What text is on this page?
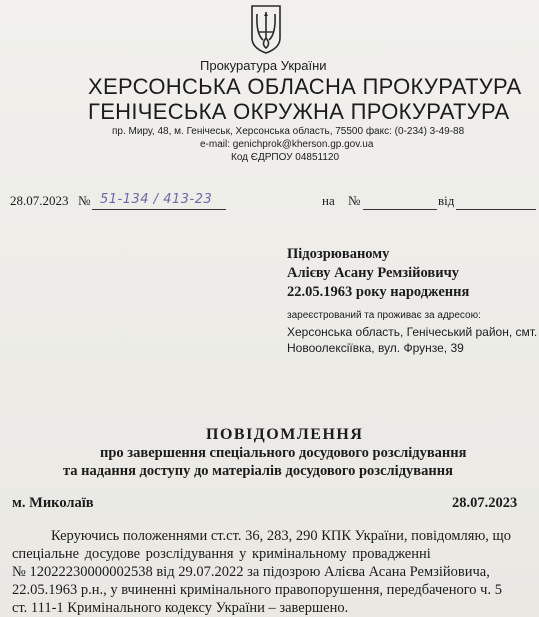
Прокуратура України
ХЕРСОНСЬКА ОБЛАСНА ПРОКУРАТУРА
ГЕНІЧЕСЬКА ОКРУЖНА ПРОКУРАТУРА
пр. Миру, 48, м. Генічеськ, Херсонська область, 75500 факс: (0-234) 3-49-88
e-mail: genichprok@kherson.gp.gov.ua
Код ЄДРПОУ 04851120
28.07.2023 № 51-134 / 413-23	на №	від
Підозрюваному
Алієву Асану Ремзійовичу
22.05.1963 року народження
зареєстрований та проживає за адресою:
Херсонська область, Генічеський район, смт.
Новоолексіївка, вул. Фрунзе, 39
ПОВІДОМЛЕННЯ
про завершення спеціального досудового розслідування
та надання доступу до матеріалів досудового розслідування
м. Миколаїв	28.07.2023
Керуючись положеннями ст.ст. 36, 283, 290 КПК України, повідомляю, що
спеціальне досудове розслідування у кримінальному провадженні
№ 12022230000002538 від 29.07.2022 за підозрою Алієва Асана Ремзійовича,
22.05.1963 р.н., у вчиненні кримінального правопорушення, передбаченого ч. 5
ст. 111-1 Кримінального кодексу України – завершено.
